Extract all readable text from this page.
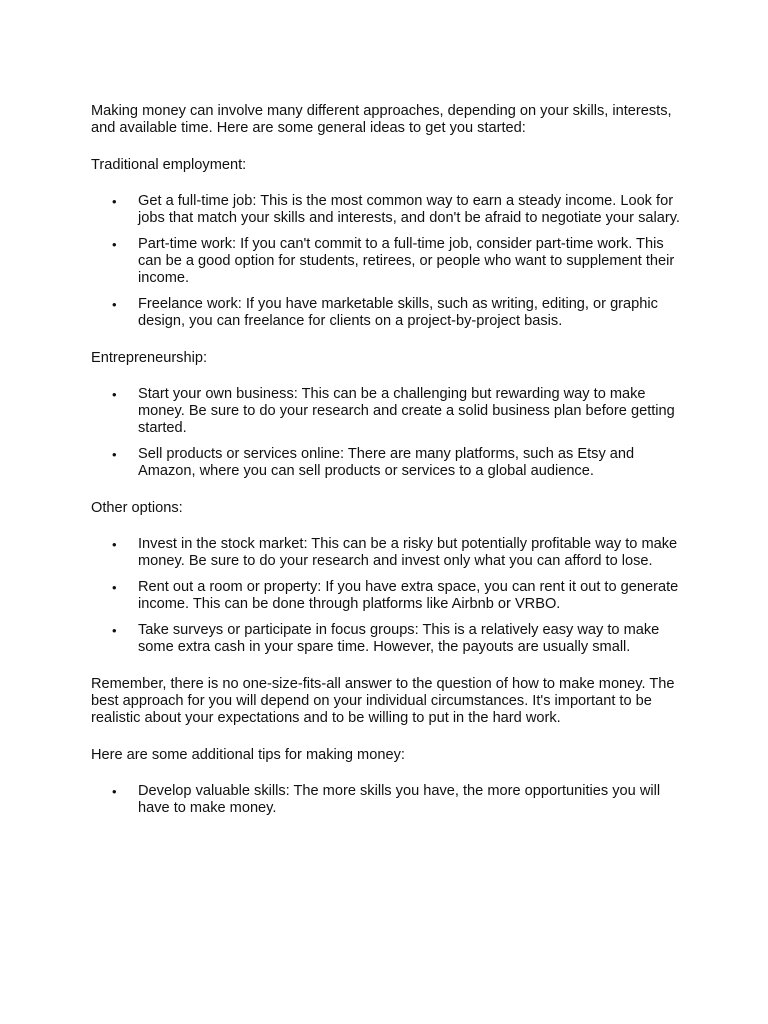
Making money can involve many different approaches, depending on your skills, interests, and available time. Here are some general ideas to get you started:

Traditional employment:

• Get a full-time job: This is the most common way to earn a steady income. Look for jobs that match your skills and interests, and don't be afraid to negotiate your salary.
• Part-time work: If you can't commit to a full-time job, consider part-time work. This can be a good option for students, retirees, or people who want to supplement their income.
• Freelance work: If you have marketable skills, such as writing, editing, or graphic design, you can freelance for clients on a project-by-project basis.

Entrepreneurship:

• Start your own business: This can be a challenging but rewarding way to make money. Be sure to do your research and create a solid business plan before getting started.
• Sell products or services online: There are many platforms, such as Etsy and Amazon, where you can sell products or services to a global audience.

Other options:

• Invest in the stock market: This can be a risky but potentially profitable way to make money. Be sure to do your research and invest only what you can afford to lose.
• Rent out a room or property: If you have extra space, you can rent it out to generate income. This can be done through platforms like Airbnb or VRBO.
• Take surveys or participate in focus groups: This is a relatively easy way to make some extra cash in your spare time. However, the payouts are usually small.

Remember, there is no one-size-fits-all answer to the question of how to make money. The best approach for you will depend on your individual circumstances. It's important to be realistic about your expectations and to be willing to put in the hard work.

Here are some additional tips for making money:

• Develop valuable skills: The more skills you have, the more opportunities you will have to make money.
